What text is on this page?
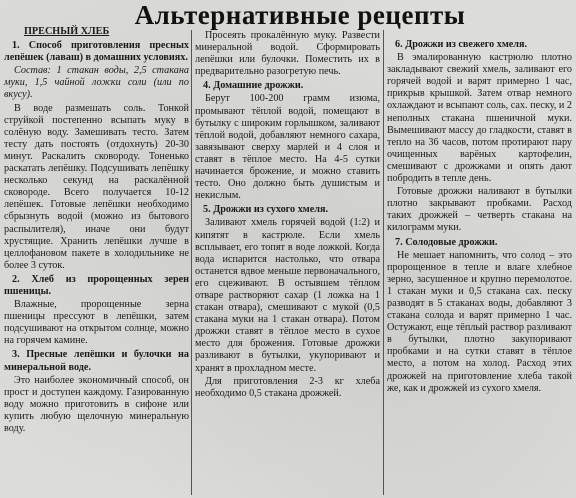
Альтернативные рецепты

ПРЕСНЫЙ ХЛЕБ

1. Способ приготовления пресных лепёшек (лаваш) в домашних условиях.

Состав: 1 стакан воды, 2,5 стакана муки, 1,5 чайной ложки соли (или по вкусу).

В воде размешать соль. Тонкой струйкой постепенно всыпать муку в солёную воду. Замешивать тесто. Затем тесту дать постоять (отдохнуть) 20-30 минут. Раскалить сковороду. Тоненько раскатать лепёшку. Подсушивать лепёшку несколько секунд на раскалённой сковороде. Всего получается 10-12 лепёшек. Готовые лепёшки необходимо сбрызнуть водой (можно из бытового распылителя), иначе они будут хрустящие. Хранить лепёшки лучше в целлофановом пакете в холодильнике не более 3 суток.

2. Хлеб из пророщенных зерен пшеницы.

Влажные, пророщенные зерна пшеницы прессуют в лепёшки, затем подсушивают на открытом солнце, можно на горячем камине.

3. Пресные лепёшки и булочки на минеральной воде.

Это наиболее экономичный способ, он прост и доступен каждому. Газированную воду можно приготовить в сифоне или купить любую щелочную минеральную воду.

Просеять прокалённую муку. Развести минеральной водой. Сформировать лепёшки или булочки. Поместить их в предварительно разогретую печь.

4. Домашние дрожжи.

Берут 100-200 грамм изюма, промывают тёплой водой, помещают в бутылку с широким горлышком, заливают тёплой водой, добавляют немного сахара, завязывают сверху марлей и 4 слоя и ставят в тёплое место. На 4-5 сутки начинается брожение, и можно ставить тесто. Оно должно быть душистым и некислым.

5. Дрожжи из сухого хмеля.

Заливают хмель горячей водой (1:2) и кипятят в кастрюле. Если хмель всплывает, его топят в воде ложкой. Когда вода испарится настолько, что отвара останется вдвое меньше первоначального, его сцеживают. В остывшем тёплом отваре растворяют сахар (1 ложка на 1 стакан отвара), смешивают с мукой (0,5 стакана муки на 1 стакан отвара). Потом дрожжи ставят в тёплое место в сухое место для брожения. Готовые дрожжи разливают в бутылки, укупоривают и хранят в прохладном месте.

Для приготовления 2-3 кг хлеба необходимо 0,5 стакана дрожжей.

6. Дрожжи из свежего хмеля.

В эмалированную кастрюлю плотно закладывают свежий хмель, заливают его горячей водой и варят примерно 1 час, прикрыв крышкой. Затем отвар немного охлаждают и всыпают соль, сах. песку, и 2 неполных стакана пшеничной муки. Вымешивают массу до гладкости, ставят в тепло на 36 часов, потом протирают пару очищенных варёных картофелин, смешивают с дрожжами и опять дают побродить в тепле день.

Готовые дрожжи наливают в бутылки плотно закрывают пробками. Расход таких дрожжей – четверть стакана на килограмм муки.

7. Солодовые дрожжи.

Не мешает напомнить, что солод – это пророщенное в тепле и влаге хлебное зерно, засушенное и крупно перемолотое. 1 стакан муки и 0,5 стакана сах. песку разводят в 5 стаканах воды, добавляют 3 стакана солода и варят примерно 1 час. Остужают, еще тёплый раствор разливают в бутылки, плотно закупоривают пробками и на сутки ставят в тёплое место, а потом на холод. Расход этих дрожжей на приготовление хлеба такой же, как и дрожжей из сухого хмеля.
